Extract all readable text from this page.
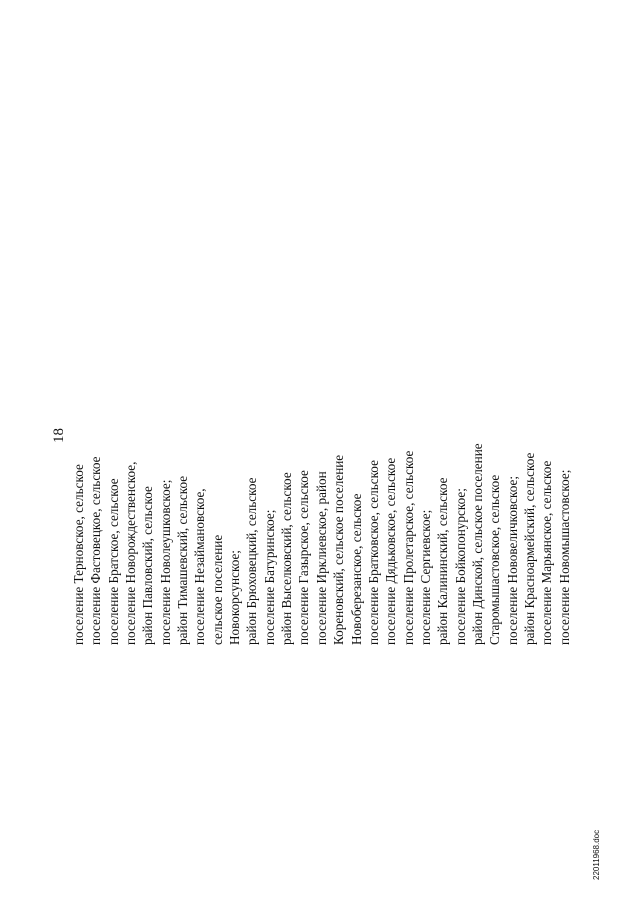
18
поселение Терновское, сельское поселение Фастовецкое, сельское поселение Братское, сельское поселение Новорождественское, район Павловский, сельское поселение Новолеушковское; район Тимашевский, сельское поселение Незаймановское, сельское поселение Новокорсунское; район Брюховецкий, сельское поселение Батуринское; район Выселковский, сельское поселение Газырское, сельское поселение Ирклиевское, район Кореновский, сельское поселение Новоберезанское, сельское поселение Братковское, сельское поселение Дядьковское, сельское поселение Пролетарское, сельское поселение Сергиевское; район Калининский, сельское поселение Бойкопонурское; район Динской, сельское поселение Старомышастовское, сельское поселение Нововеличковское; район Красноармейский, сельское поселение Марьянское, сельское поселение Новомышастовское;
22011968.doc
